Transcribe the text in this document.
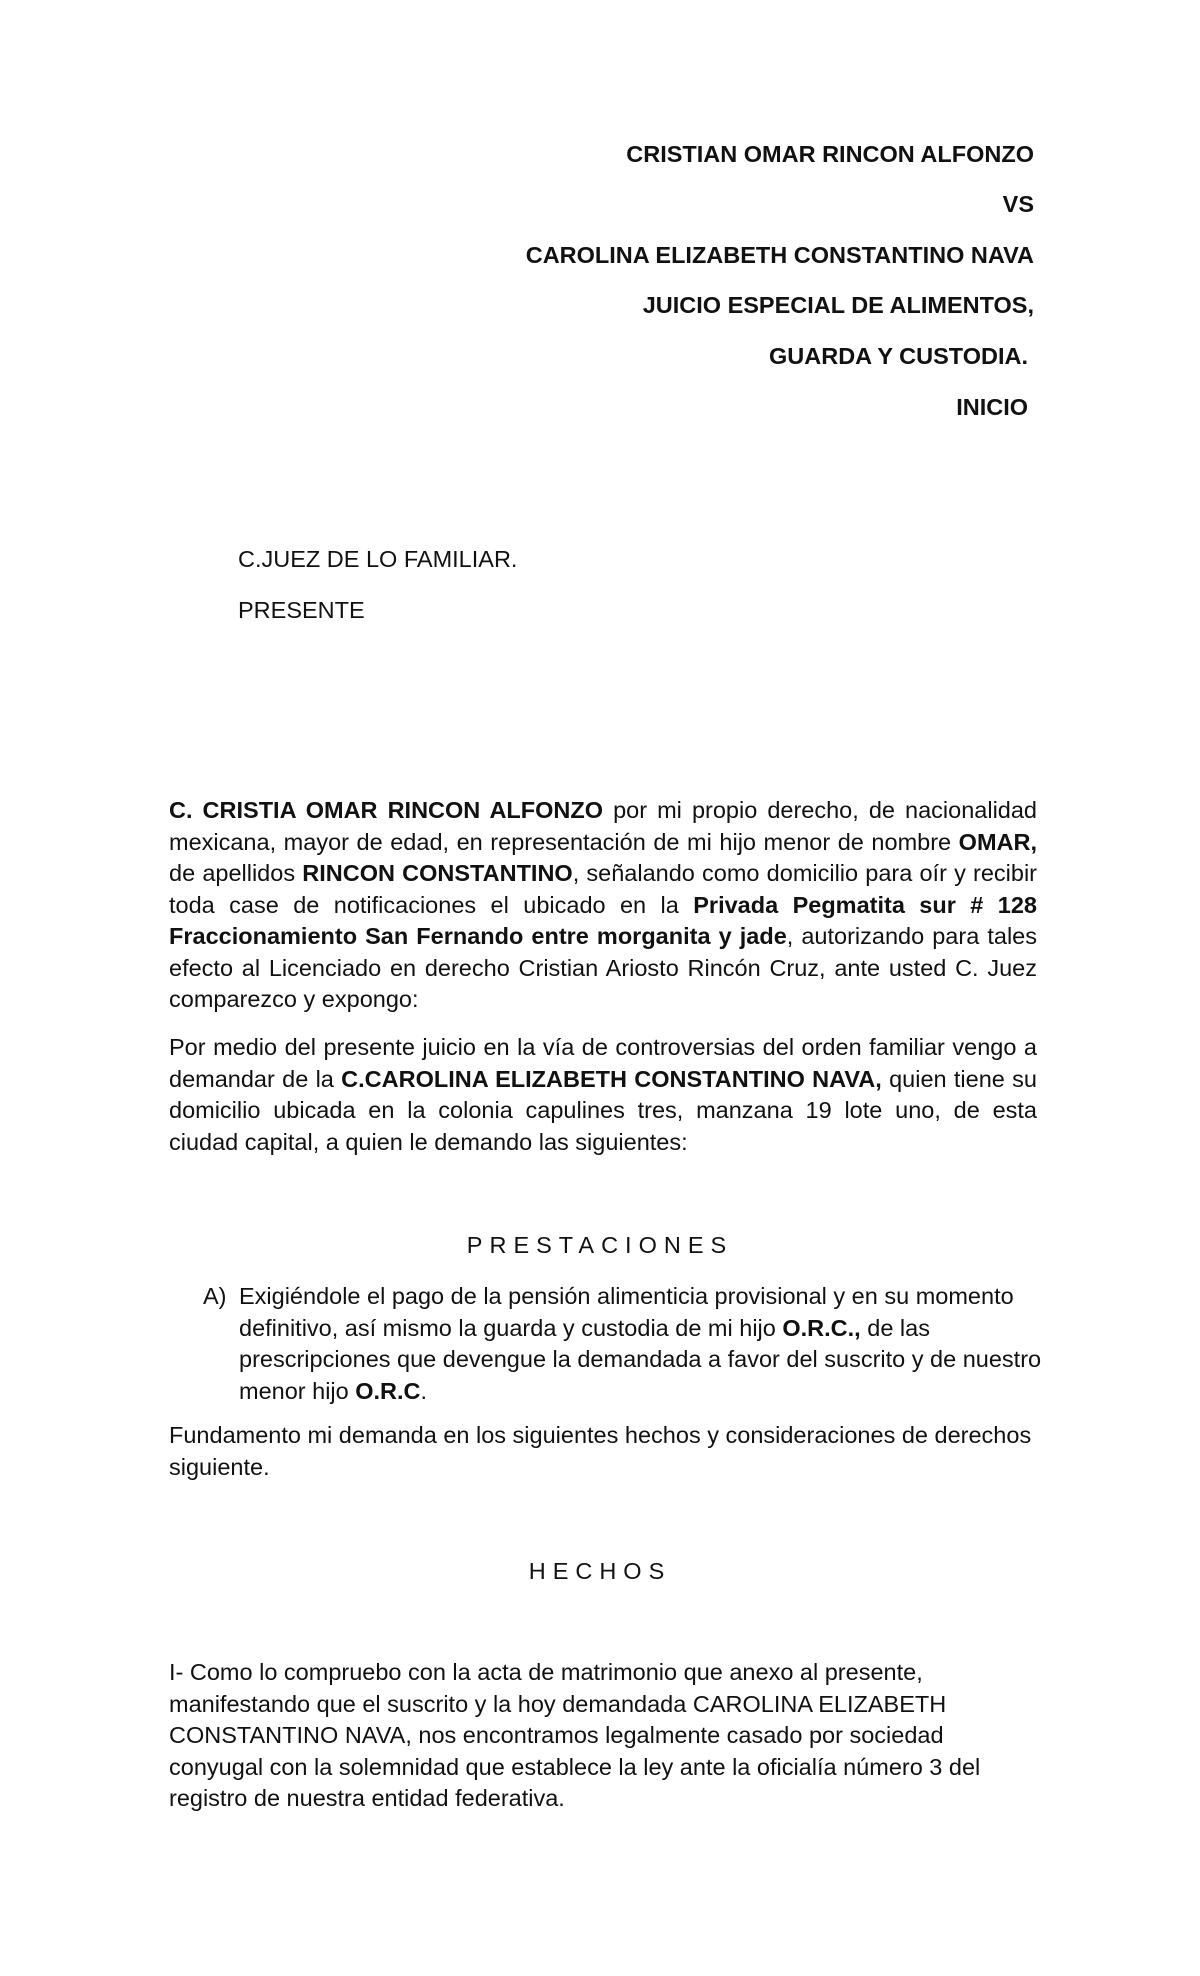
CRISTIAN OMAR RINCON ALFONZO
VS
CAROLINA ELIZABETH CONSTANTINO NAVA
JUICIO ESPECIAL DE ALIMENTOS,
GUARDA Y CUSTODIA.
INICIO
C.JUEZ DE LO FAMILIAR.
PRESENTE

C. CRISTIA OMAR RINCON ALFONZO por mi propio derecho, de nacionalidad mexicana, mayor de edad, en representación de mi hijo menor de nombre OMAR, de apellidos RINCON CONSTANTINO, señalando como domicilio para oír y recibir toda case de notificaciones el ubicado en la Privada Pegmatita sur # 128 Fraccionamiento San Fernando entre morganita y jade, autorizando para tales efecto al Licenciado en derecho Cristian Ariosto Rincón Cruz, ante usted C. Juez comparezco y expongo:

Por medio del presente juicio en la vía de controversias del orden familiar vengo a demandar de la C.CAROLINA ELIZABETH CONSTANTINO NAVA, quien tiene su domicilio ubicada en la colonia capulines tres, manzana 19 lote uno, de esta ciudad capital, a quien le demando las siguientes:

PRESTACIONES
A) Exigiéndole el pago de la pensión alimenticia provisional y en su momento definitivo, así mismo la guarda y custodia de mi hijo O.R.C., de las prescripciones que devengue la demandada a favor del suscrito y de nuestro menor hijo O.R.C.

Fundamento mi demanda en los siguientes hechos y consideraciones de derechos siguiente.

HECHOS

I- Como lo compruebo con la acta de matrimonio que anexo al presente, manifestando que el suscrito y la hoy demandada CAROLINA ELIZABETH CONSTANTINO NAVA, nos encontramos legalmente casado por sociedad conyugal con la solemnidad que establece la ley ante la oficialía número 3 del registro de nuestra entidad federativa.
